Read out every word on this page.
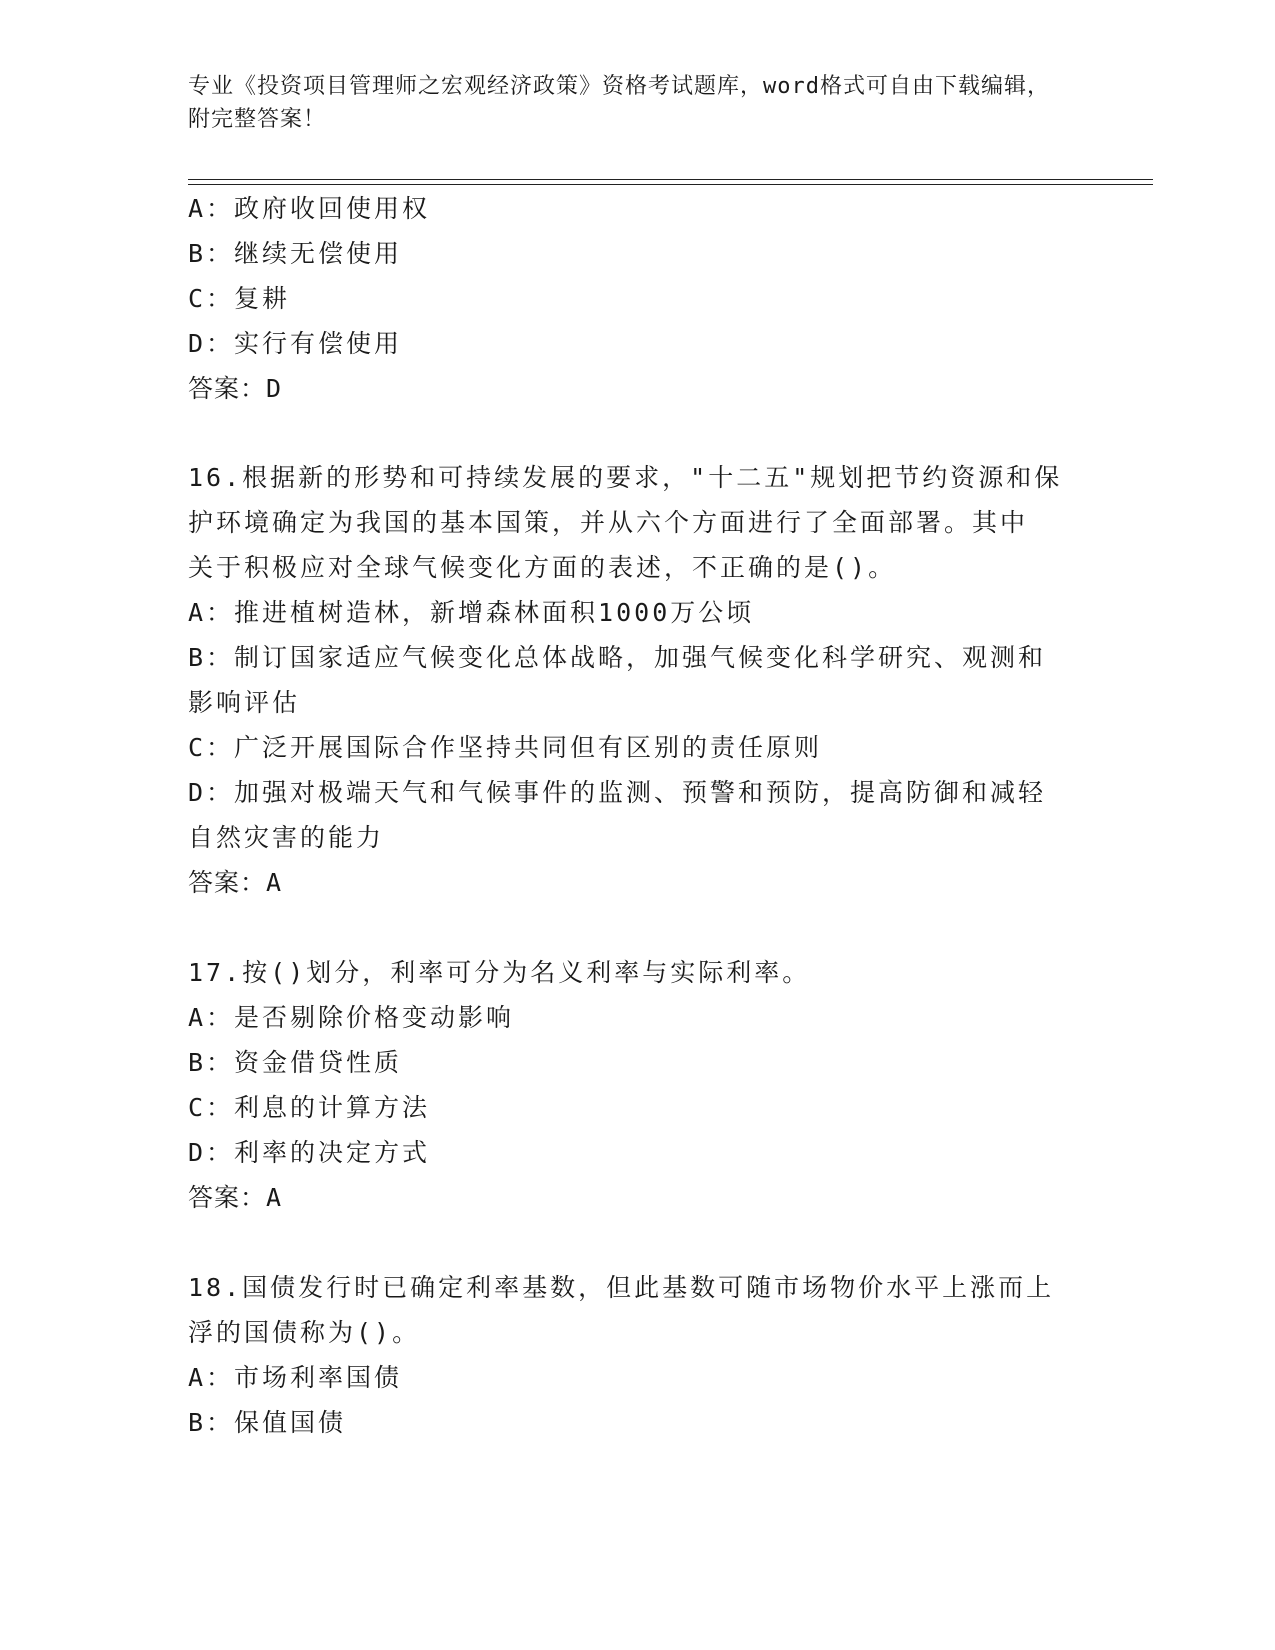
专业《投资项目管理师之宏观经济政策》资格考试题库，word格式可自由下载编辑，附完整答案！
A：政府收回使用权
B：继续无偿使用
C：复耕
D：实行有偿使用
答案：D
16.根据新的形势和可持续发展的要求，"十二五"规划把节约资源和保
护环境确定为我国的基本国策，并从六个方面进行了全面部署。其中
关于积极应对全球气候变化方面的表述，不正确的是()。
A：推进植树造林，新增森林面积1000万公顷
B：制订国家适应气候变化总体战略，加强气候变化科学研究、观测和
影响评估
C：广泛开展国际合作坚持共同但有区别的责任原则
D：加强对极端天气和气候事件的监测、预警和预防，提高防御和减轻
自然灾害的能力
答案：A
17.按()划分，利率可分为名义利率与实际利率。
A：是否剔除价格变动影响
B：资金借贷性质
C：利息的计算方法
D：利率的决定方式
答案：A
18.国债发行时已确定利率基数，但此基数可随市场物价水平上涨而上
浮的国债称为()。
A：市场利率国债
B：保值国债
